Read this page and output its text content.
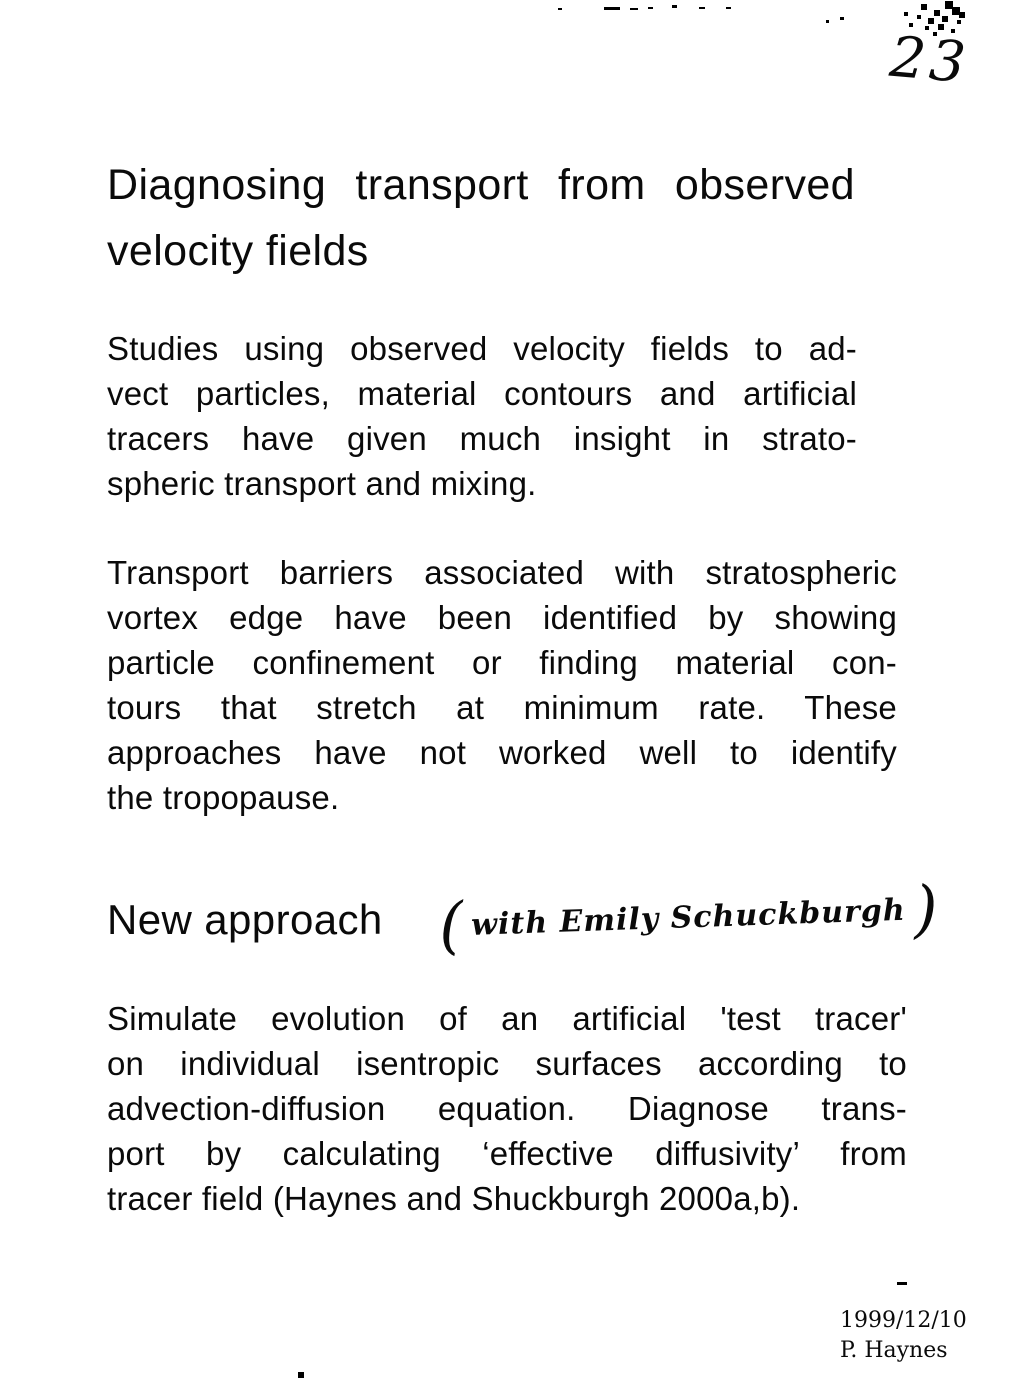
23
Diagnosing transport from observed
velocity fields
Studies using observed velocity fields to ad-
vect particles, material contours and artificial
tracers have given much insight in strato-
spheric transport and mixing.
Transport barriers associated with stratospheric
vortex edge have been identified by showing
particle confinement or finding material con-
tours that stretch at minimum rate. These
approaches have not worked well to identify
the tropopause.
New approach ( with Emily Schuckburgh )
Simulate evolution of an artificial 'test tracer'
on individual isentropic surfaces according to
advection-diffusion equation. Diagnose trans-
port by calculating ‘effective diffusivity’ from
tracer field (Haynes and Shuckburgh 2000a,b).
1999/12/10
P. Haynes
